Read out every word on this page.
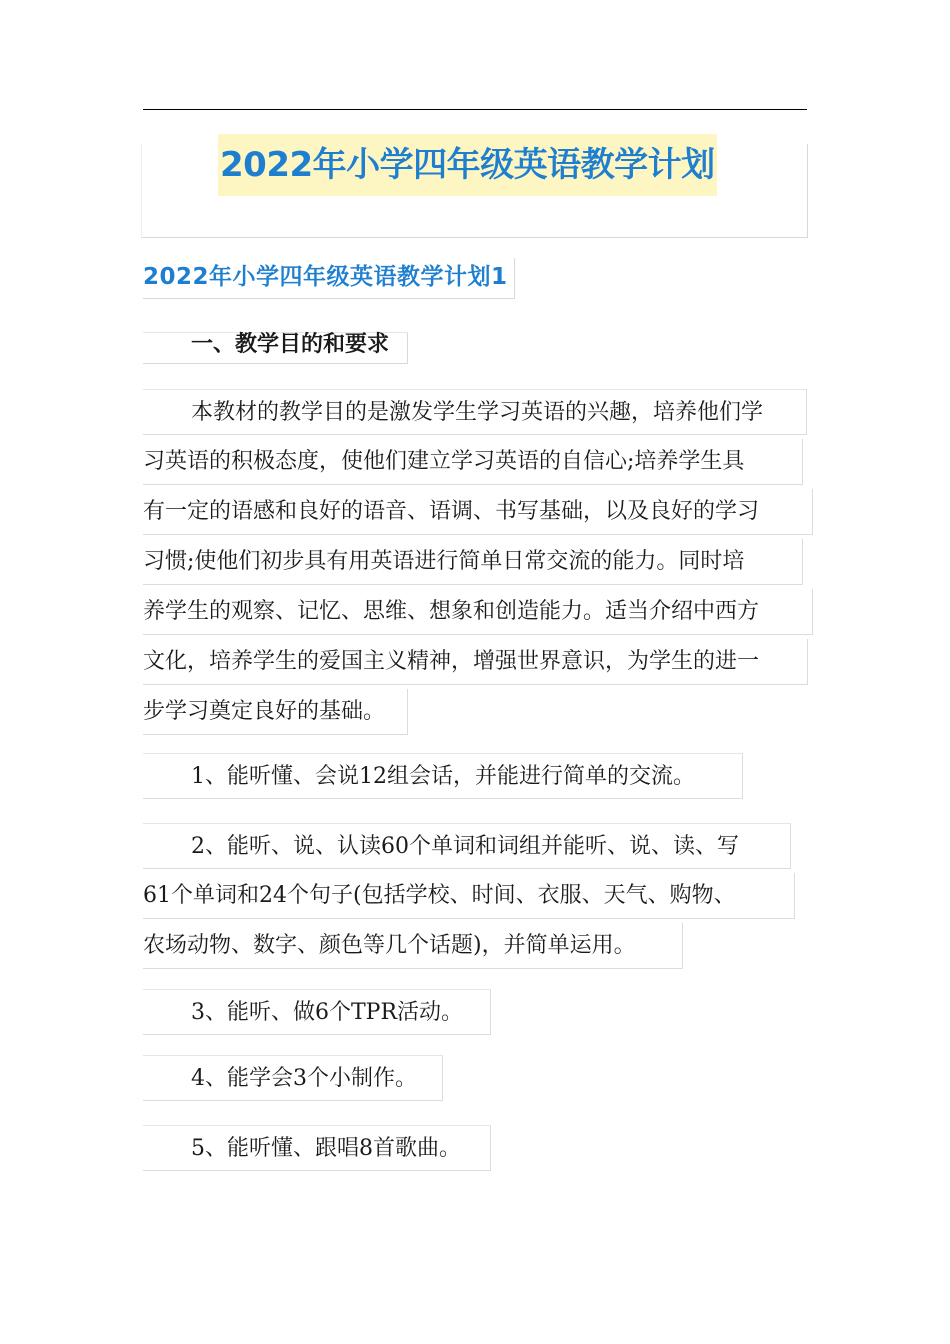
2022年小学四年级英语教学计划
2022年小学四年级英语教学计划1
一、教学目的和要求
本教材的教学目的是激发学生学习英语的兴趣，培养他们学
习英语的积极态度，使他们建立学习英语的自信心;培养学生具
有一定的语感和良好的语音、语调、书写基础，以及良好的学习
习惯;使他们初步具有用英语进行简单日常交流的能力。同时培
养学生的观察、记忆、思维、想象和创造能力。适当介绍中西方
文化，培养学生的爱国主义精神，增强世界意识，为学生的进一
步学习奠定良好的基础。
1、能听懂、会说12组会话，并能进行简单的交流。
2、能听、说、认读60个单词和词组并能听、说、读、写
61个单词和24个句子(包括学校、时间、衣服、天气、购物、
农场动物、数字、颜色等几个话题)，并简单运用。
3、能听、做6个TPR活动。
4、能学会3个小制作。
5、能听懂、跟唱8首歌曲。
